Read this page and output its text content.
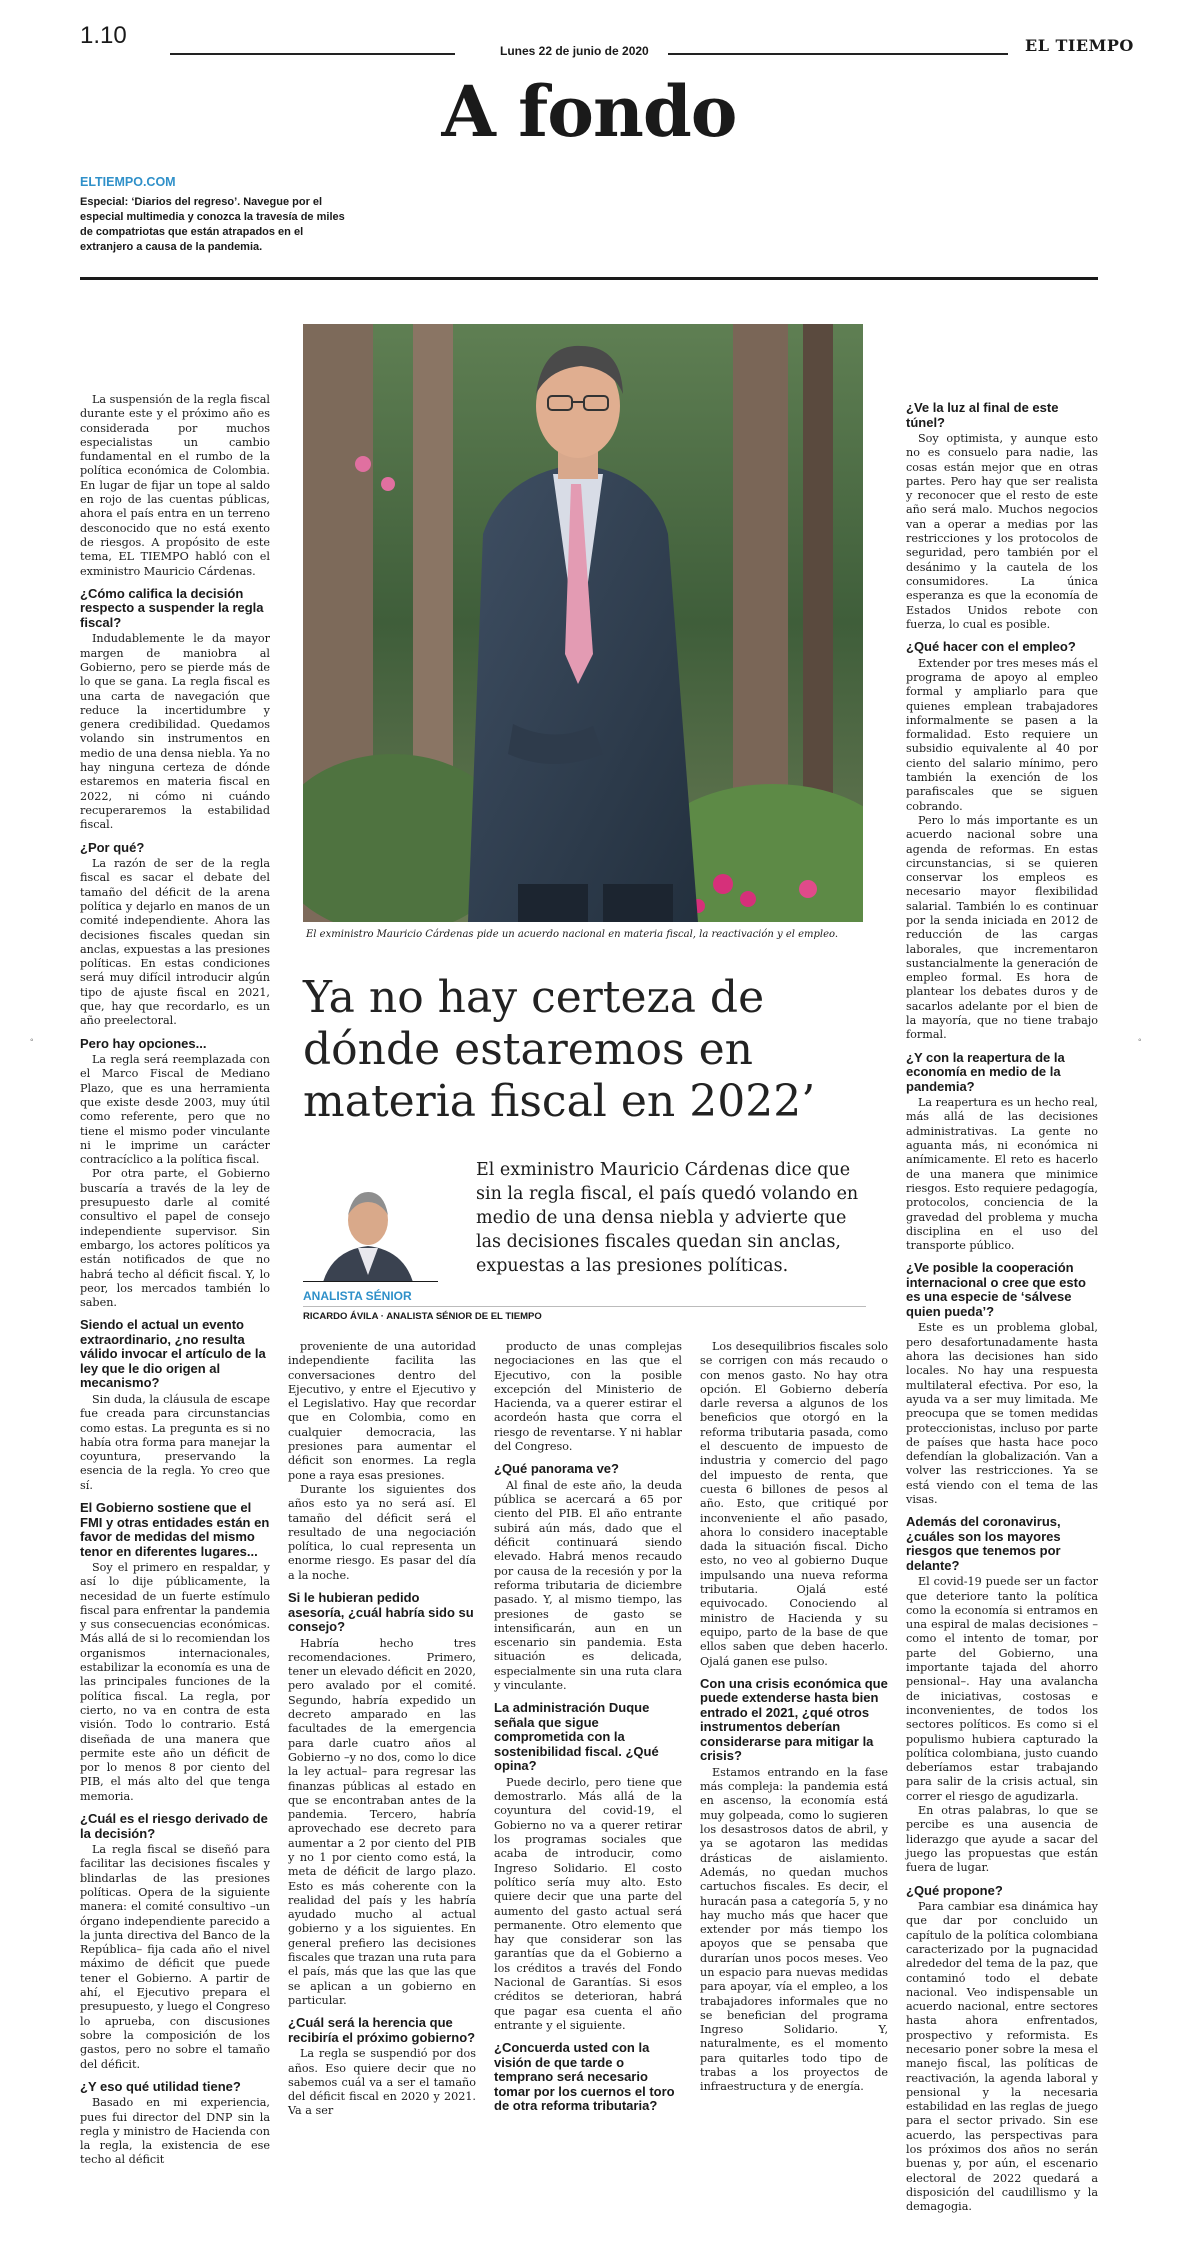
1.10
Lunes 22 de junio de 2020	EL TIEMPO
A fondo
ELTIEMPO.COM
Especial: ‘Diarios del regreso’. Navegue por el especial multimedia y conozca la travesía de miles de compatriotas que están atrapados en el extranjero a causa de la pandemia.

La suspensión de la regla fiscal durante este y el próximo año es considerada por muchos especialistas un cambio fundamental en el rumbo de la política económica de Colombia. En lugar de fijar un tope al saldo en rojo de las cuentas públicas, ahora el país entra en un terreno desconocido que no está exento de riesgos. A propósito de este tema, EL TIEMPO habló con el exministro Mauricio Cárdenas.

¿Cómo califica la decisión respecto a suspender la regla fiscal?

Indudablemente le da mayor margen de maniobra al Gobierno, pero se pierde más de lo que se gana. La regla fiscal es una carta de navegación que reduce la incertidumbre y genera credibilidad. Quedamos volando sin instrumentos en medio de una densa niebla. Ya no hay ninguna certeza de dónde estaremos en materia fiscal en 2022, ni cómo ni cuándo recuperaremos la estabilidad fiscal.

¿Por qué?

La razón de ser de la regla fiscal es sacar el debate del tamaño del déficit de la arena política y dejarlo en manos de un comité independiente. Ahora las decisiones fiscales quedan sin anclas, expuestas a las presiones políticas. En estas condiciones será muy difícil introducir algún tipo de ajuste fiscal en 2021, que, hay que recordarlo, es un año preelectoral.

Pero hay opciones...

La regla será reemplazada con el Marco Fiscal de Mediano Plazo, que es una herramienta que existe desde 2003, muy útil como referente, pero que no tiene el mismo poder vinculante ni le imprime un carácter contracíclico a la política fiscal.

Por otra parte, el Gobierno buscaría a través de la ley de presupuesto darle al comité consultivo el papel de consejo independiente supervisor. Sin embargo, los actores políticos ya están notificados de que no habrá techo al déficit fiscal. Y, lo peor, los mercados también lo saben.

Siendo el actual un evento extraordinario, ¿no resulta válido invocar el artículo de la ley que le dio origen al mecanismo?

Sin duda, la cláusula de escape fue creada para circunstancias como estas. La pregunta es si no había otra forma para manejar la coyuntura, preservando la esencia de la regla. Yo creo que sí.

El Gobierno sostiene que el FMI y otras entidades están en favor de medidas del mismo tenor en diferentes lugares...

Soy el primero en respaldar, y así lo dije públicamente, la necesidad de un fuerte estímulo fiscal para enfrentar la pandemia y sus consecuencias económicas. Más allá de si lo recomiendan los organismos internacionales, estabilizar la economía es una de las principales funciones de la política fiscal. La regla, por cierto, no va en contra de esta visión. Todo lo contrario. Está diseñada de una manera que permite este año un déficit de por lo menos 8 por ciento del PIB, el más alto del que tenga memoria.

¿Cuál es el riesgo derivado de la decisión?

La regla fiscal se diseñó para facilitar las decisiones fiscales y blindarlas de las presiones políticas. Opera de la siguiente manera: el comité consultivo –un órgano independiente parecido a la junta directiva del Banco de la República– fija cada año el nivel máximo de déficit que puede tener el Gobierno. A partir de ahí, el Ejecutivo prepara el presupuesto, y luego el Congreso lo aprueba, con discusiones sobre la composición de los gastos, pero no sobre el tamaño del déficit.

¿Y eso qué utilidad tiene?

Basado en mi experiencia, pues fui director del DNP sin la regla y ministro de Hacienda con la regla, la existencia de ese techo al déficit

El exministro Mauricio Cárdenas pide un acuerdo nacional en materia fiscal, la reactivación y el empleo.
Ya no hay certeza de dónde estaremos en materia fiscal en 2022’
El exministro Mauricio Cárdenas dice que sin la regla fiscal, el país quedó volando en medio de una densa niebla y advierte que las decisiones fiscales quedan sin anclas, expuestas a las presiones políticas.
ANALISTA SÉNIOR
RICARDO ÁVILA · ANALISTA SÉNIOR DE EL TIEMPO

proveniente de una autoridad independiente facilita las conversaciones dentro del Ejecutivo, y entre el Ejecutivo y el Legislativo. Hay que recordar que en Colombia, como en cualquier democracia, las presiones para aumentar el déficit son enormes. La regla pone a raya esas presiones.

Durante los siguientes dos años esto ya no será así. El tamaño del déficit será el resultado de una negociación política, lo cual representa un enorme riesgo. Es pasar del día a la noche.

Si le hubieran pedido asesoría, ¿cuál habría sido su consejo?

Habría hecho tres recomendaciones. Primero, tener un elevado déficit en 2020, pero avalado por el comité. Segundo, habría expedido un decreto amparado en las facultades de la emergencia para darle cuatro años al Gobierno –y no dos, como lo dice la ley actual– para regresar las finanzas públicas al estado en que se encontraban antes de la pandemia. Tercero, habría aprovechado ese decreto para aumentar a 2 por ciento del PIB y no 1 por ciento como está, la meta de déficit de largo plazo. Esto es más coherente con la realidad del país y les habría ayudado mucho al actual gobierno y a los siguientes. En general prefiero las decisiones fiscales que trazan una ruta para el país, más que las que las que se aplican a un gobierno en particular.

¿Cuál será la herencia que recibiría el próximo gobierno?

La regla se suspendió por dos años. Eso quiere decir que no sabemos cuál va a ser el tamaño del déficit fiscal en 2020 y 2021. Va a ser

producto de unas complejas negociaciones en las que el Ejecutivo, con la posible excepción del Ministerio de Hacienda, va a querer estirar el acordeón hasta que corra el riesgo de reventarse. Y ni hablar del Congreso.

¿Qué panorama ve?

Al final de este año, la deuda pública se acercará a 65 por ciento del PIB. El año entrante subirá aún más, dado que el déficit continuará siendo elevado. Habrá menos recaudo por causa de la recesión y por la reforma tributaria de diciembre pasado. Y, al mismo tiempo, las presiones de gasto se intensificarán, aun en un escenario sin pandemia. Esta situación es delicada, especialmente sin una ruta clara y vinculante.

La administración Duque señala que sigue comprometida con la sostenibilidad fiscal. ¿Qué opina?

Puede decirlo, pero tiene que demostrarlo. Más allá de la coyuntura del covid-19, el Gobierno no va a querer retirar los programas sociales que acaba de introducir, como Ingreso Solidario. El costo político sería muy alto. Esto quiere decir que una parte del aumento del gasto actual será permanente. Otro elemento que hay que considerar son las garantías que da el Gobierno a los créditos a través del Fondo Nacional de Garantías. Si esos créditos se deterioran, habrá que pagar esa cuenta el año entrante y el siguiente.

¿Concuerda usted con la visión de que tarde o temprano será necesario tomar por los cuernos el toro de otra reforma tributaria?

Los desequilibrios fiscales solo se corrigen con más recaudo o con menos gasto. No hay otra opción. El Gobierno debería darle reversa a algunos de los beneficios que otorgó en la reforma tributaria pasada, como el descuento de impuesto de industria y comercio del pago del impuesto de renta, que cuesta 6 billones de pesos al año. Esto, que critiqué por inconveniente el año pasado, ahora lo considero inaceptable dada la situación fiscal. Dicho esto, no veo al gobierno Duque impulsando una nueva reforma tributaria. Ojalá esté equivocado. Conociendo al ministro de Hacienda y su equipo, parto de la base de que ellos saben que deben hacerlo. Ojalá ganen ese pulso.

Con una crisis económica que puede extenderse hasta bien entrado el 2021, ¿qué otros instrumentos deberían considerarse para mitigar la crisis?

Estamos entrando en la fase más compleja: la pandemia está en ascenso, la economía está muy golpeada, como lo sugieren los desastrosos datos de abril, y ya se agotaron las medidas drásticas de aislamiento. Además, no quedan muchos cartuchos fiscales. Es decir, el huracán pasa a categoría 5, y no hay mucho más que hacer que extender por más tiempo los apoyos que se pensaba que durarían unos pocos meses. Veo un espacio para nuevas medidas para apoyar, vía el empleo, a los trabajadores informales que no se benefician del programa Ingreso Solidario. Y, naturalmente, es el momento para quitarles todo tipo de trabas a los proyectos de infraestructura y de energía.

¿Ve la luz al final de este túnel?

Soy optimista, y aunque esto no es consuelo para nadie, las cosas están mejor que en otras partes. Pero hay que ser realista y reconocer que el resto de este año será malo. Muchos negocios van a operar a medias por las restricciones y los protocolos de seguridad, pero también por el desánimo y la cautela de los consumidores. La única esperanza es que la economía de Estados Unidos rebote con fuerza, lo cual es posible.

¿Qué hacer con el empleo?

Extender por tres meses más el programa de apoyo al empleo formal y ampliarlo para que quienes emplean trabajadores informalmente se pasen a la formalidad. Esto requiere un subsidio equivalente al 40 por ciento del salario mínimo, pero también la exención de los parafiscales que se siguen cobrando.

Pero lo más importante es un acuerdo nacional sobre una agenda de reformas. En estas circunstancias, si se quieren conservar los empleos es necesario mayor flexibilidad salarial. También lo es continuar por la senda iniciada en 2012 de reducción de las cargas laborales, que incrementaron sustancialmente la generación de empleo formal. Es hora de plantear los debates duros y de sacarlos adelante por el bien de la mayoría, que no tiene trabajo formal.

¿Y con la reapertura de la economía en medio de la pandemia?

La reapertura es un hecho real, más allá de las decisiones administrativas. La gente no aguanta más, ni económica ni anímicamente. El reto es hacerlo de una manera que minimice riesgos. Esto requiere pedagogía, protocolos, conciencia de la gravedad del problema y mucha disciplina en el uso del transporte público.

¿Ve posible la cooperación internacional o cree que esto es una especie de ‘sálvese quien pueda’?

Este es un problema global, pero desafortunadamente hasta ahora las decisiones han sido locales. No hay una respuesta multilateral efectiva. Por eso, la ayuda va a ser muy limitada. Me preocupa que se tomen medidas proteccionistas, incluso por parte de países que hasta hace poco defendían la globalización. Van a volver las restricciones. Ya se está viendo con el tema de las visas.

Además del coronavirus, ¿cuáles son los mayores riesgos que tenemos por delante?

El covid-19 puede ser un factor que deteriore tanto la política como la economía si entramos en una espiral de malas decisiones –como el intento de tomar, por parte del Gobierno, una importante tajada del ahorro pensional–. Hay una avalancha de iniciativas, costosas e inconvenientes, de todos los sectores políticos. Es como si el populismo hubiera capturado la política colombiana, justo cuando deberíamos estar trabajando para salir de la crisis actual, sin correr el riesgo de agudizarla.

En otras palabras, lo que se percibe es una ausencia de liderazgo que ayude a sacar del juego las propuestas que están fuera de lugar.

¿Qué propone?

Para cambiar esa dinámica hay que dar por concluido un capítulo de la política colombiana caracterizado por la pugnacidad alrededor del tema de la paz, que contaminó todo el debate nacional. Veo indispensable un acuerdo nacional, entre sectores hasta ahora enfrentados, prospectivo y reformista. Es necesario poner sobre la mesa el manejo fiscal, las políticas de reactivación, la agenda laboral y pensional y la necesaria estabilidad en las reglas de juego para el sector privado. Sin ese acuerdo, las perspectivas para los próximos dos años no serán buenas y, por aún, el escenario electoral de 2022 quedará a disposición del caudillismo y la demagogia.

◦	◦
